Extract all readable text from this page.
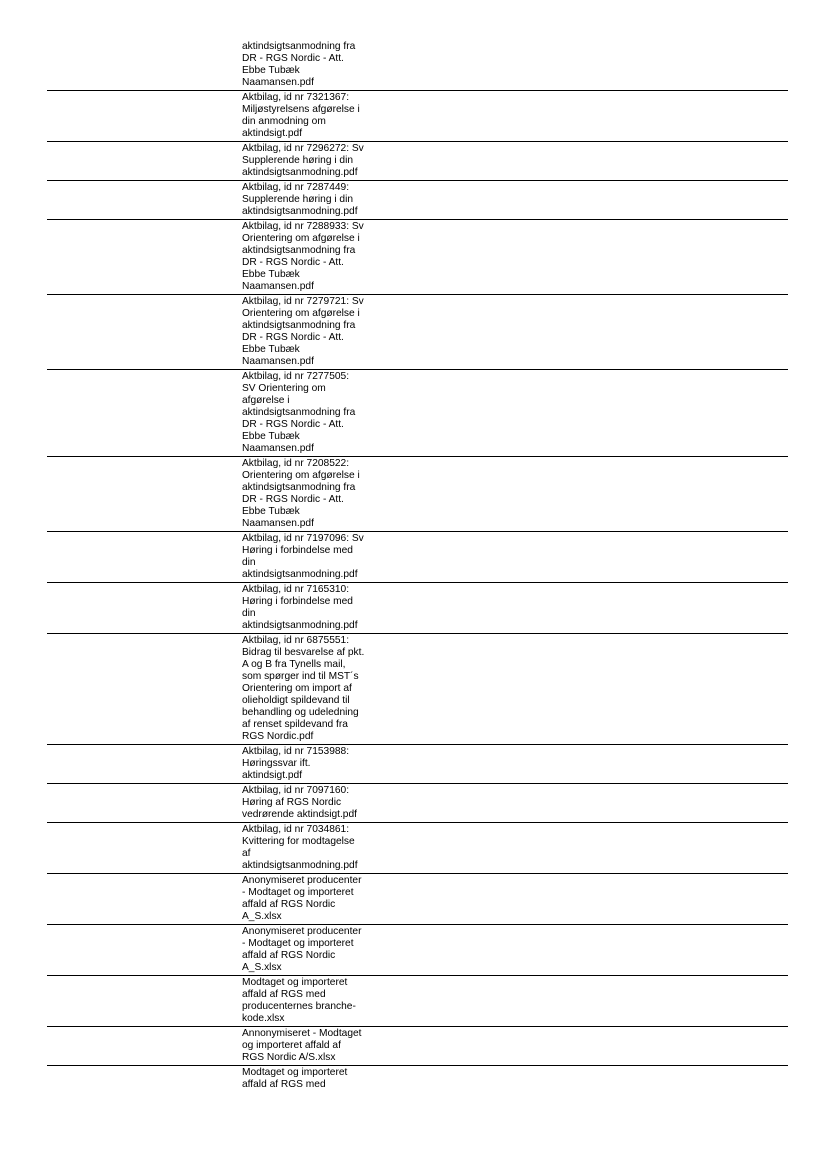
aktindsigtsanmodning fra
DR - RGS Nordic - Att.
Ebbe Tubæk
Naamansen.pdf
Aktbilag, id nr 7321367:
Miljøstyrelsens afgørelse i
din anmodning om
aktindsigt.pdf
Aktbilag, id nr 7296272: Sv
Supplerende høring i din
aktindsigtsanmodning.pdf
Aktbilag, id nr 7287449:
Supplerende høring i din
aktindsigtsanmodning.pdf
Aktbilag, id nr 7288933: Sv
Orientering om afgørelse i
aktindsigtsanmodning fra
DR - RGS Nordic - Att.
Ebbe Tubæk
Naamansen.pdf
Aktbilag, id nr 7279721: Sv
Orientering om afgørelse i
aktindsigtsanmodning fra
DR - RGS Nordic - Att.
Ebbe Tubæk
Naamansen.pdf
Aktbilag, id nr 7277505:
SV Orientering om
afgørelse i
aktindsigtsanmodning fra
DR - RGS Nordic - Att.
Ebbe Tubæk
Naamansen.pdf
Aktbilag, id nr 7208522:
Orientering om afgørelse i
aktindsigtsanmodning fra
DR - RGS Nordic - Att.
Ebbe Tubæk
Naamansen.pdf
Aktbilag, id nr 7197096: Sv
Høring i forbindelse med
din
aktindsigtsanmodning.pdf
Aktbilag, id nr 7165310:
Høring i forbindelse med
din
aktindsigtsanmodning.pdf
Aktbilag, id nr 6875551:
Bidrag til besvarelse af pkt.
A og B fra Tynells mail,
som spørger ind til MST´s
Orientering om import af
olieholdigt spildevand til
behandling og udeledning
af renset spildevand fra
RGS Nordic.pdf
Aktbilag, id nr 7153988:
Høringssvar ift.
aktindsigt.pdf
Aktbilag, id nr 7097160:
Høring af RGS Nordic
vedrørende aktindsigt.pdf
Aktbilag, id nr 7034861:
Kvittering for modtagelse
af
aktindsigtsanmodning.pdf
Anonymiseret producenter
- Modtaget og importeret
affald af RGS Nordic
A_S.xlsx
Anonymiseret producenter
- Modtaget og importeret
affald af RGS Nordic
A_S.xlsx
Modtaget og importeret
affald af RGS med
producenternes branche-
kode.xlsx
Annonymiseret - Modtaget
og importeret affald af
RGS Nordic A/S.xlsx
Modtaget og importeret
affald af RGS med
